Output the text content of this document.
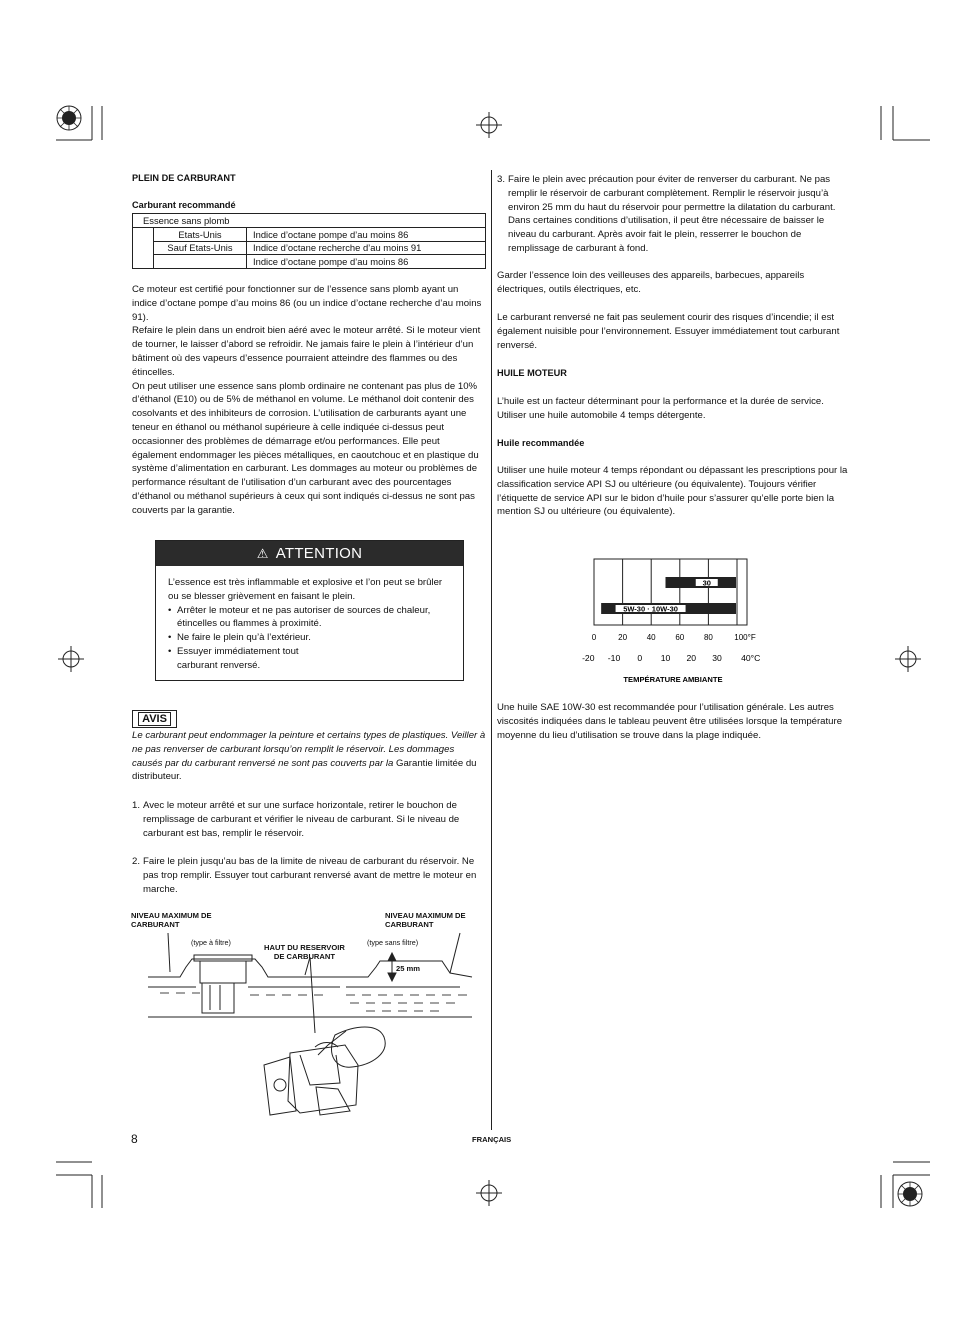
PLEIN DE CARBURANT
Carburant recommandé
Essence sans plomb		
	Etats-Unis	Indice d’octane pompe d’au moins 86
	Sauf Etats-Unis	Indice d’octane recherche d’au moins 91
		Indice d’octane pompe d’au moins 86

Ce moteur est certifié pour fonctionner sur de l’essence sans plomb ayant un indice d’octane pompe d’au moins 86 (ou un indice d’octane recherche d’au moins 91).

Refaire le plein dans un endroit bien aéré avec le moteur arrêté. Si le moteur vient de tourner, le laisser d’abord se refroidir. Ne jamais faire le plein à l’intérieur d’un bâtiment où des vapeurs d’essence pourraient atteindre des flammes ou des étincelles.

On peut utiliser une essence sans plomb ordinaire ne contenant pas plus de 10% d’éthanol (E10) ou de 5% de méthanol en volume. Le méthanol doit contenir des cosolvants et des inhibiteurs de corrosion. L’utilisation de carburants ayant une teneur en éthanol ou méthanol supérieure à celle indiquée ci-dessus peut occasionner des problèmes de démarrage et/ou performances. Elle peut également endommager les pièces métalliques, en caoutchouc et en plastique du système d’alimentation en carburant. Les dommages au moteur ou problèmes de performance résultant de l’utilisation d’un carburant avec des pourcentages d’éthanol ou méthanol supérieurs à ceux qui sont indiqués ci-dessus ne sont pas couverts par la garantie.

⚠ ATTENTION

L’essence est très inflammable et explosive et l’on peut se brûler ou se blesser grièvement en faisant le plein.

• Arrêter le moteur et ne pas autoriser de sources de chaleur, étincelles ou flammes à proximité.
• Ne faire le plein qu’à l’extérieur.
• Essuyer immédiatement tout carburant renversé.
AVIS
Le carburant peut endommager la peinture et certains types de plastiques. Veiller à ne pas renverser de carburant lorsqu’on remplit le réservoir. Les dommages causés par du carburant renversé ne sont pas couverts par la Garantie limitée du distributeur.
1. Avec le moteur arrêté et sur une surface horizontale, retirer le bouchon de remplissage de carburant et vérifier le niveau de carburant. Si le niveau de carburant est bas, remplir le réservoir.
2. Faire le plein jusqu’au bas de la limite de niveau de carburant du réservoir. Ne pas trop remplir. Essuyer tout carburant renversé avant de mettre le moteur en marche.
NIVEAU MAXIMUM DE
CARBURANT
NIVEAU MAXIMUM DE
CARBURANT
(type à filtre)
HAUT DU RESERVOIR
DE CARBURANT
(type sans filtre)
25 mm
3. Faire le plein avec précaution pour éviter de renverser du carburant. Ne pas remplir le réservoir de carburant complètement. Remplir le réservoir jusqu’à environ 25 mm du haut du réservoir pour permettre la dilatation du carburant. Dans certaines conditions d’utilisation, il peut être nécessaire de baisser le niveau du carburant. Après avoir fait le plein, resserrer le bouchon de remplissage de carburant à fond.
Garder l’essence loin des veilleuses des appareils, barbecues, appareils électriques, outils électriques, etc.
Le carburant renversé ne fait pas seulement courir des risques d’incendie; il est également nuisible pour l’environnement. Essuyer immédiatement tout carburant renversé.
HUILE MOTEUR
L’huile est un facteur déterminant pour la performance et la durée de service. Utiliser une huile automobile 4 temps détergente.
Huile recommandée
Utiliser une huile moteur 4 temps répondant ou dépassant les prescriptions pour la classification service API SJ ou ultérieure (ou équivalente). Toujours vérifier l’étiquette de service API sur le bidon d’huile pour s’assurer qu’elle porte bien la mention SJ ou ultérieure (ou équivalente).
30
5W-30 · 10W-30
0	20 40 60 80	100°F
-20 -10 0 10 20 30 40°C
TEMPÉRATURE AMBIANTE
Une huile SAE 10W-30 est recommandée pour l’utilisation générale. Les autres viscosités indiquées dans le tableau peuvent être utilisées lorsque la température moyenne du lieu d’utilisation se trouve dans la plage indiquée.
8	FRANÇAIS
